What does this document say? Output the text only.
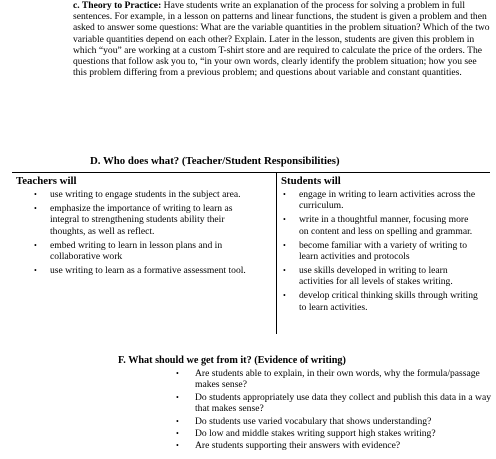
c. Theory to Practice: Have students write an explanation of the process for solving a problem in full sentences. For example, in a lesson on patterns and linear functions, the student is given a problem and then asked to answer some questions: What are the variable quantities in the problem situation? Which of the two variable quantities depend on each other? Explain. Later in the lesson, students are given this problem in which “you” are working at a custom T-shirt store and are required to calculate the price of the orders. The questions that follow ask you to, “in your own words, clearly identify the problem situation; how you see this problem differing from a previous problem; and questions about variable and constant quantities.

D. Who does what? (Teacher/Student Responsibilities)
Teachers will
• use writing to engage students in the subject area.
• emphasize the importance of writing to learn as integral to strengthening students ability their thoughts, as well as reflect.
• embed writing to learn in lesson plans and in collaborative work
• use writing to learn as a formative assessment tool.

Students will
• engage in writing to learn activities across the curriculum.
• write in a thoughtful manner, focusing more on content and less on spelling and grammar.
• become familiar with a variety of writing to learn activities and protocols
• use skills developed in writing to learn activities for all levels of stakes writing.
• develop critical thinking skills through writing to learn activities.
F. What should we get from it? (Evidence of writing)
• Are students able to explain, in their own words, why the formula/passage makes sense?
• Do students appropriately use data they collect and publish this data in a way that makes sense?
• Do students use varied vocabulary that shows understanding?
• Do low and middle stakes writing support high stakes writing?
• Are students supporting their answers with evidence?
